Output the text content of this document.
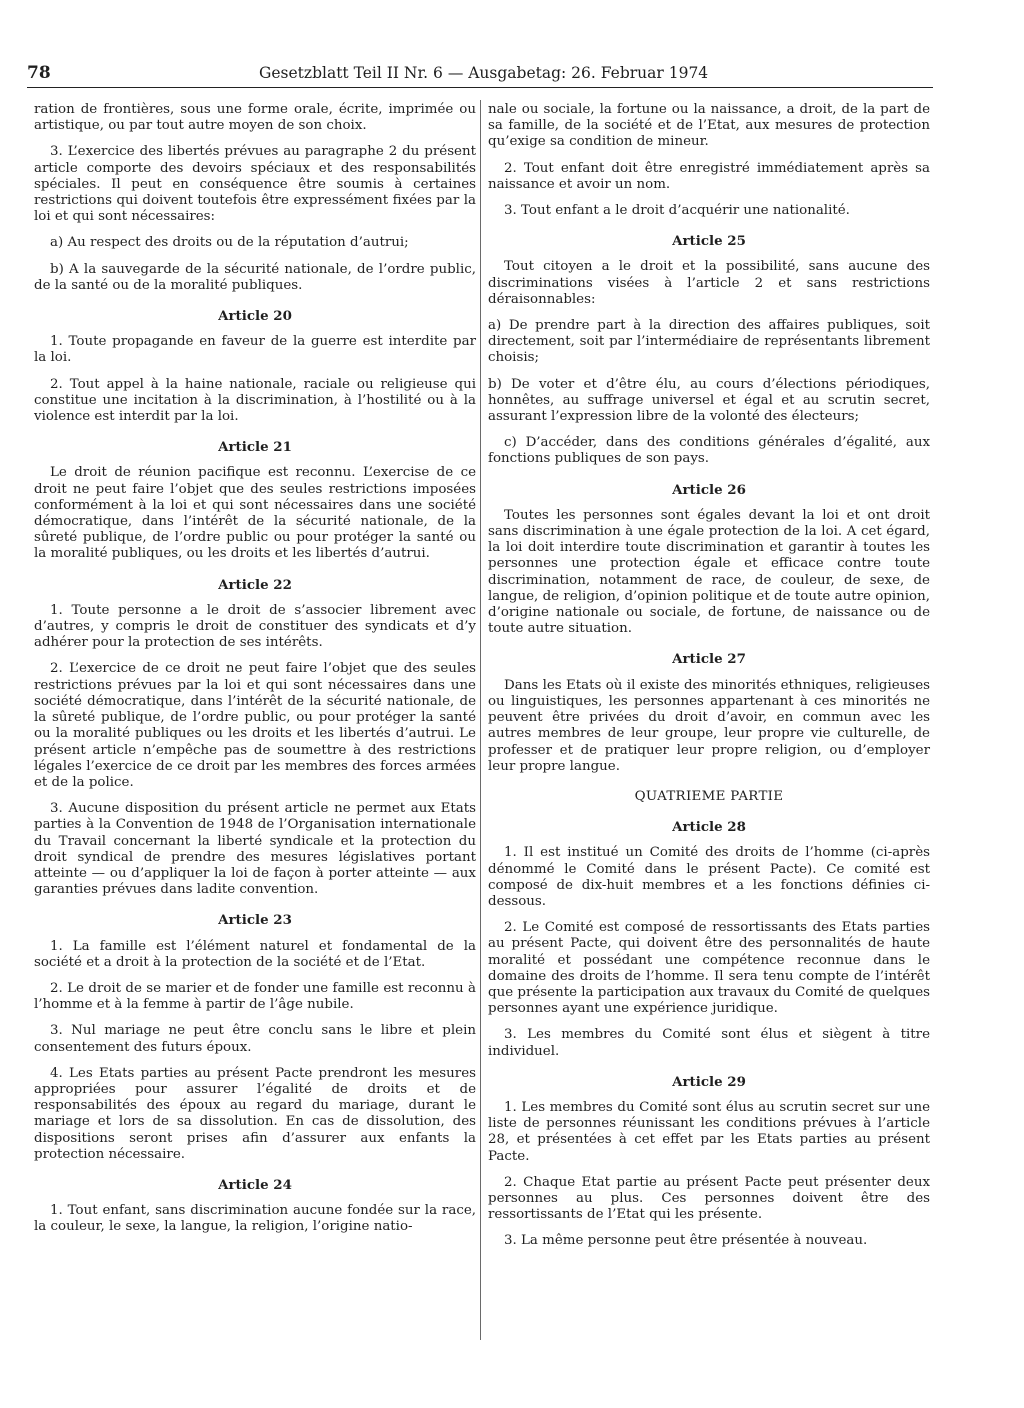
78	Gesetzblatt Teil II Nr. 6 — Ausgabetag: 26. Februar 1974

ration de frontières, sous une forme orale, écrite, imprimée ou artistique, ou par tout autre moyen de son choix.

3. L’exercice des libertés prévues au paragraphe 2 du présent article comporte des devoirs spéciaux et des responsabilités spéciales. Il peut en conséquence être soumis à certaines restrictions qui doivent toutefois être expressément fixées par la loi et qui sont nécessaires:

a) Au respect des droits ou de la réputation d’autrui;

b) A la sauvegarde de la sécurité nationale, de l’ordre public, de la santé ou de la moralité publiques.

Article 20

1. Toute propagande en faveur de la guerre est interdite par la loi.

2. Tout appel à la haine nationale, raciale ou religieuse qui constitue une incitation à la discrimination, à l’hostilité ou à la violence est interdit par la loi.

Article 21

Le droit de réunion pacifique est reconnu. L’exercise de ce droit ne peut faire l’objet que des seules restrictions imposées conformément à la loi et qui sont nécessaires dans une société démocratique, dans l’intérêt de la sécurité nationale, de la sûreté publique, de l’ordre public ou pour protéger la santé ou la moralité publiques, ou les droits et les libertés d’autrui.

Article 22

1. Toute personne a le droit de s’associer librement avec d’autres, y compris le droit de constituer des syndicats et d’y adhérer pour la protection de ses intérêts.

2. L’exercice de ce droit ne peut faire l’objet que des seules restrictions prévues par la loi et qui sont nécessaires dans une société démocratique, dans l’intérêt de la sécurité nationale, de la sûreté publique, de l’ordre public, ou pour protéger la santé ou la moralité publiques ou les droits et les libertés d’autrui. Le présent article n’empêche pas de soumettre à des restrictions légales l’exercice de ce droit par les membres des forces armées et de la police.

3. Aucune disposition du présent article ne permet aux Etats parties à la Convention de 1948 de l’Organisation internationale du Travail concernant la liberté syndicale et la protection du droit syndical de prendre des mesures législatives portant atteinte — ou d’appliquer la loi de façon à porter atteinte — aux garanties prévues dans ladite convention.

Article 23

1. La famille est l’élément naturel et fondamental de la société et a droit à la protection de la société et de l’Etat.

2. Le droit de se marier et de fonder une famille est reconnu à l’homme et à la femme à partir de l’âge nubile.

3. Nul mariage ne peut être conclu sans le libre et plein consentement des futurs époux.

4. Les Etats parties au présent Pacte prendront les mesures appropriées pour assurer l’égalité de droits et de responsabilités des époux au regard du mariage, durant le mariage et lors de sa dissolution. En cas de dissolution, des dispositions seront prises afin d’assurer aux enfants la protection nécessaire.

Article 24

1. Tout enfant, sans discrimination aucune fondée sur la race, la couleur, le sexe, la langue, la religion, l’origine natio-

nale ou sociale, la fortune ou la naissance, a droit, de la part de sa famille, de la société et de l’Etat, aux mesures de protection qu’exige sa condition de mineur.

2. Tout enfant doit être enregistré immédiatement après sa naissance et avoir un nom.

3. Tout enfant a le droit d’acquérir une nationalité.

Article 25

Tout citoyen a le droit et la possibilité, sans aucune des discriminations visées à l’article 2 et sans restrictions déraisonnables:

a) De prendre part à la direction des affaires publiques, soit directement, soit par l’intermédiaire de représentants librement choisis;

b) De voter et d’être élu, au cours d’élections périodiques, honnêtes, au suffrage universel et égal et au scrutin secret, assurant l’expression libre de la volonté des électeurs;

c) D’accéder, dans des conditions générales d’égalité, aux fonctions publiques de son pays.

Article 26

Toutes les personnes sont égales devant la loi et ont droit sans discrimination à une égale protection de la loi. A cet égard, la loi doit interdire toute discrimination et garantir à toutes les personnes une protection égale et efficace contre toute discrimination, notamment de race, de couleur, de sexe, de langue, de religion, d’opinion politique et de toute autre opinion, d’origine nationale ou sociale, de fortune, de naissance ou de toute autre situation.

Article 27

Dans les Etats où il existe des minorités ethniques, religieuses ou linguistiques, les personnes appartenant à ces minorités ne peuvent être privées du droit d’avoir, en commun avec les autres membres de leur groupe, leur propre vie culturelle, de professer et de pratiquer leur propre religion, ou d’employer leur propre langue.

QUATRIEME PARTIE
Article 28

1. Il est institué un Comité des droits de l’homme (ci-après dénommé le Comité dans le présent Pacte). Ce comité est composé de dix-huit membres et a les fonctions définies ci-dessous.

2. Le Comité est composé de ressortissants des Etats parties au présent Pacte, qui doivent être des personnalités de haute moralité et possédant une compétence reconnue dans le domaine des droits de l’homme. Il sera tenu compte de l’intérêt que présente la participation aux travaux du Comité de quelques personnes ayant une expérience juridique.

3. Les membres du Comité sont élus et siègent à titre individuel.

Article 29

1. Les membres du Comité sont élus au scrutin secret sur une liste de personnes réunissant les conditions prévues à l’article 28, et présentées à cet effet par les Etats parties au présent Pacte.

2. Chaque Etat partie au présent Pacte peut présenter deux personnes au plus. Ces personnes doivent être des ressortissants de l’Etat qui les présente.

3. La même personne peut être présentée à nouveau.
